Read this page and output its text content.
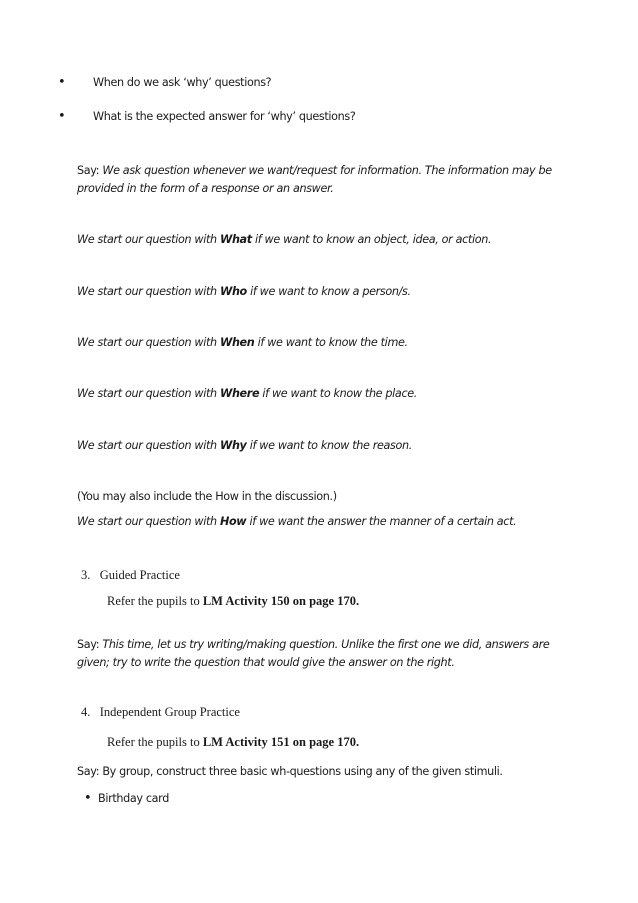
• When do we ask ‘why’ questions?
• What is the expected answer for ‘why’ questions?
Say: We ask question whenever we want/request for information. The information may be
provided in the form of a response or an answer.
We start our question with What if we want to know an object, idea, or action.
We start our question with Who if we want to know a person/s.
We start our question with When if we want to know the time.
We start our question with Where if we want to know the place.
We start our question with Why if we want to know the reason.
(You may also include the How in the discussion.)
We start our question with How if we want the answer the manner of a certain act.
3. Guided Practice
Refer the pupils to LM Activity 150 on page 170.
Say: This time, let us try writing/making question. Unlike the first one we did, answers are
given; try to write the question that would give the answer on the right.
4. Independent Group Practice
Refer the pupils to LM Activity 151 on page 170.
Say: By group, construct three basic wh-questions using any of the given stimuli.
• Birthday card
